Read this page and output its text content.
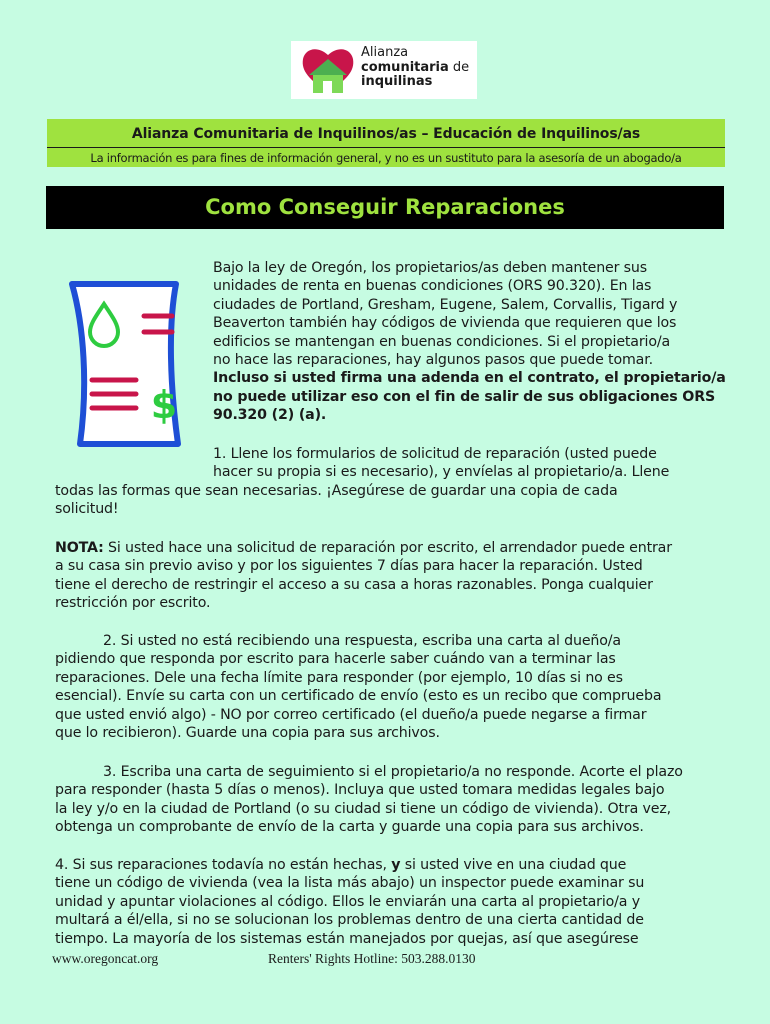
Alianza
comunitaria de
inquilinas
Alianza Comunitaria de Inquilinos/as – Educación de Inquilinos/as
La información es para fines de información general, y no es un sustituto para la asesoría de un abogado/a
Como Conseguir Reparaciones
$
Bajo la ley de Oregón, los propietarios/as deben mantener sus
unidades de renta en buenas condiciones (ORS 90.320). En las
ciudades de Portland, Gresham, Eugene, Salem, Corvallis, Tigard y
Beaverton también hay códigos de vivienda que requieren que los
edificios se mantengan en buenas condiciones. Si el propietario/a
no hace las reparaciones, hay algunos pasos que puede tomar.
Incluso si usted firma una adenda en el contrato, el propietario/a
no puede utilizar eso con el fin de salir de sus obligaciones ORS
90.320 (2) (a).
1. Llene los formularios de solicitud de reparación (usted puede
hacer su propia si es necesario), y envíelas al propietario/a. Llene
todas las formas que sean necesarias. ¡Asegúrese de guardar una copia de cada
solicitud!
NOTA: Si usted hace una solicitud de reparación por escrito, el arrendador puede entrar
a su casa sin previo aviso y por los siguientes 7 días para hacer la reparación. Usted
tiene el derecho de restringir el acceso a su casa a horas razonables. Ponga cualquier
restricción por escrito.
2. Si usted no está recibiendo una respuesta, escriba una carta al dueño/a
pidiendo que responda por escrito para hacerle saber cuándo van a terminar las
reparaciones. Dele una fecha límite para responder (por ejemplo, 10 días si no es
esencial). Envíe su carta con un certificado de envío (esto es un recibo que comprueba
que usted envió algo) - NO por correo certificado (el dueño/a puede negarse a firmar
que lo recibieron). Guarde una copia para sus archivos.
3. Escriba una carta de seguimiento si el propietario/a no responde. Acorte el plazo
para responder (hasta 5 días o menos). Incluya que usted tomara medidas legales bajo
la ley y/o en la ciudad de Portland (o su ciudad si tiene un código de vivienda). Otra vez,
obtenga un comprobante de envío de la carta y guarde una copia para sus archivos.
4. Si sus reparaciones todavía no están hechas, y si usted vive en una ciudad que
tiene un código de vivienda (vea la lista más abajo) un inspector puede examinar su
unidad y apuntar violaciones al código. Ellos le enviarán una carta al propietario/a y
multará a él/ella, si no se solucionan los problemas dentro de una cierta cantidad de
tiempo. La mayoría de los sistemas están manejados por quejas, así que asegúrese
www.oregoncat.org	Renters' Rights Hotline: 503.288.0130
